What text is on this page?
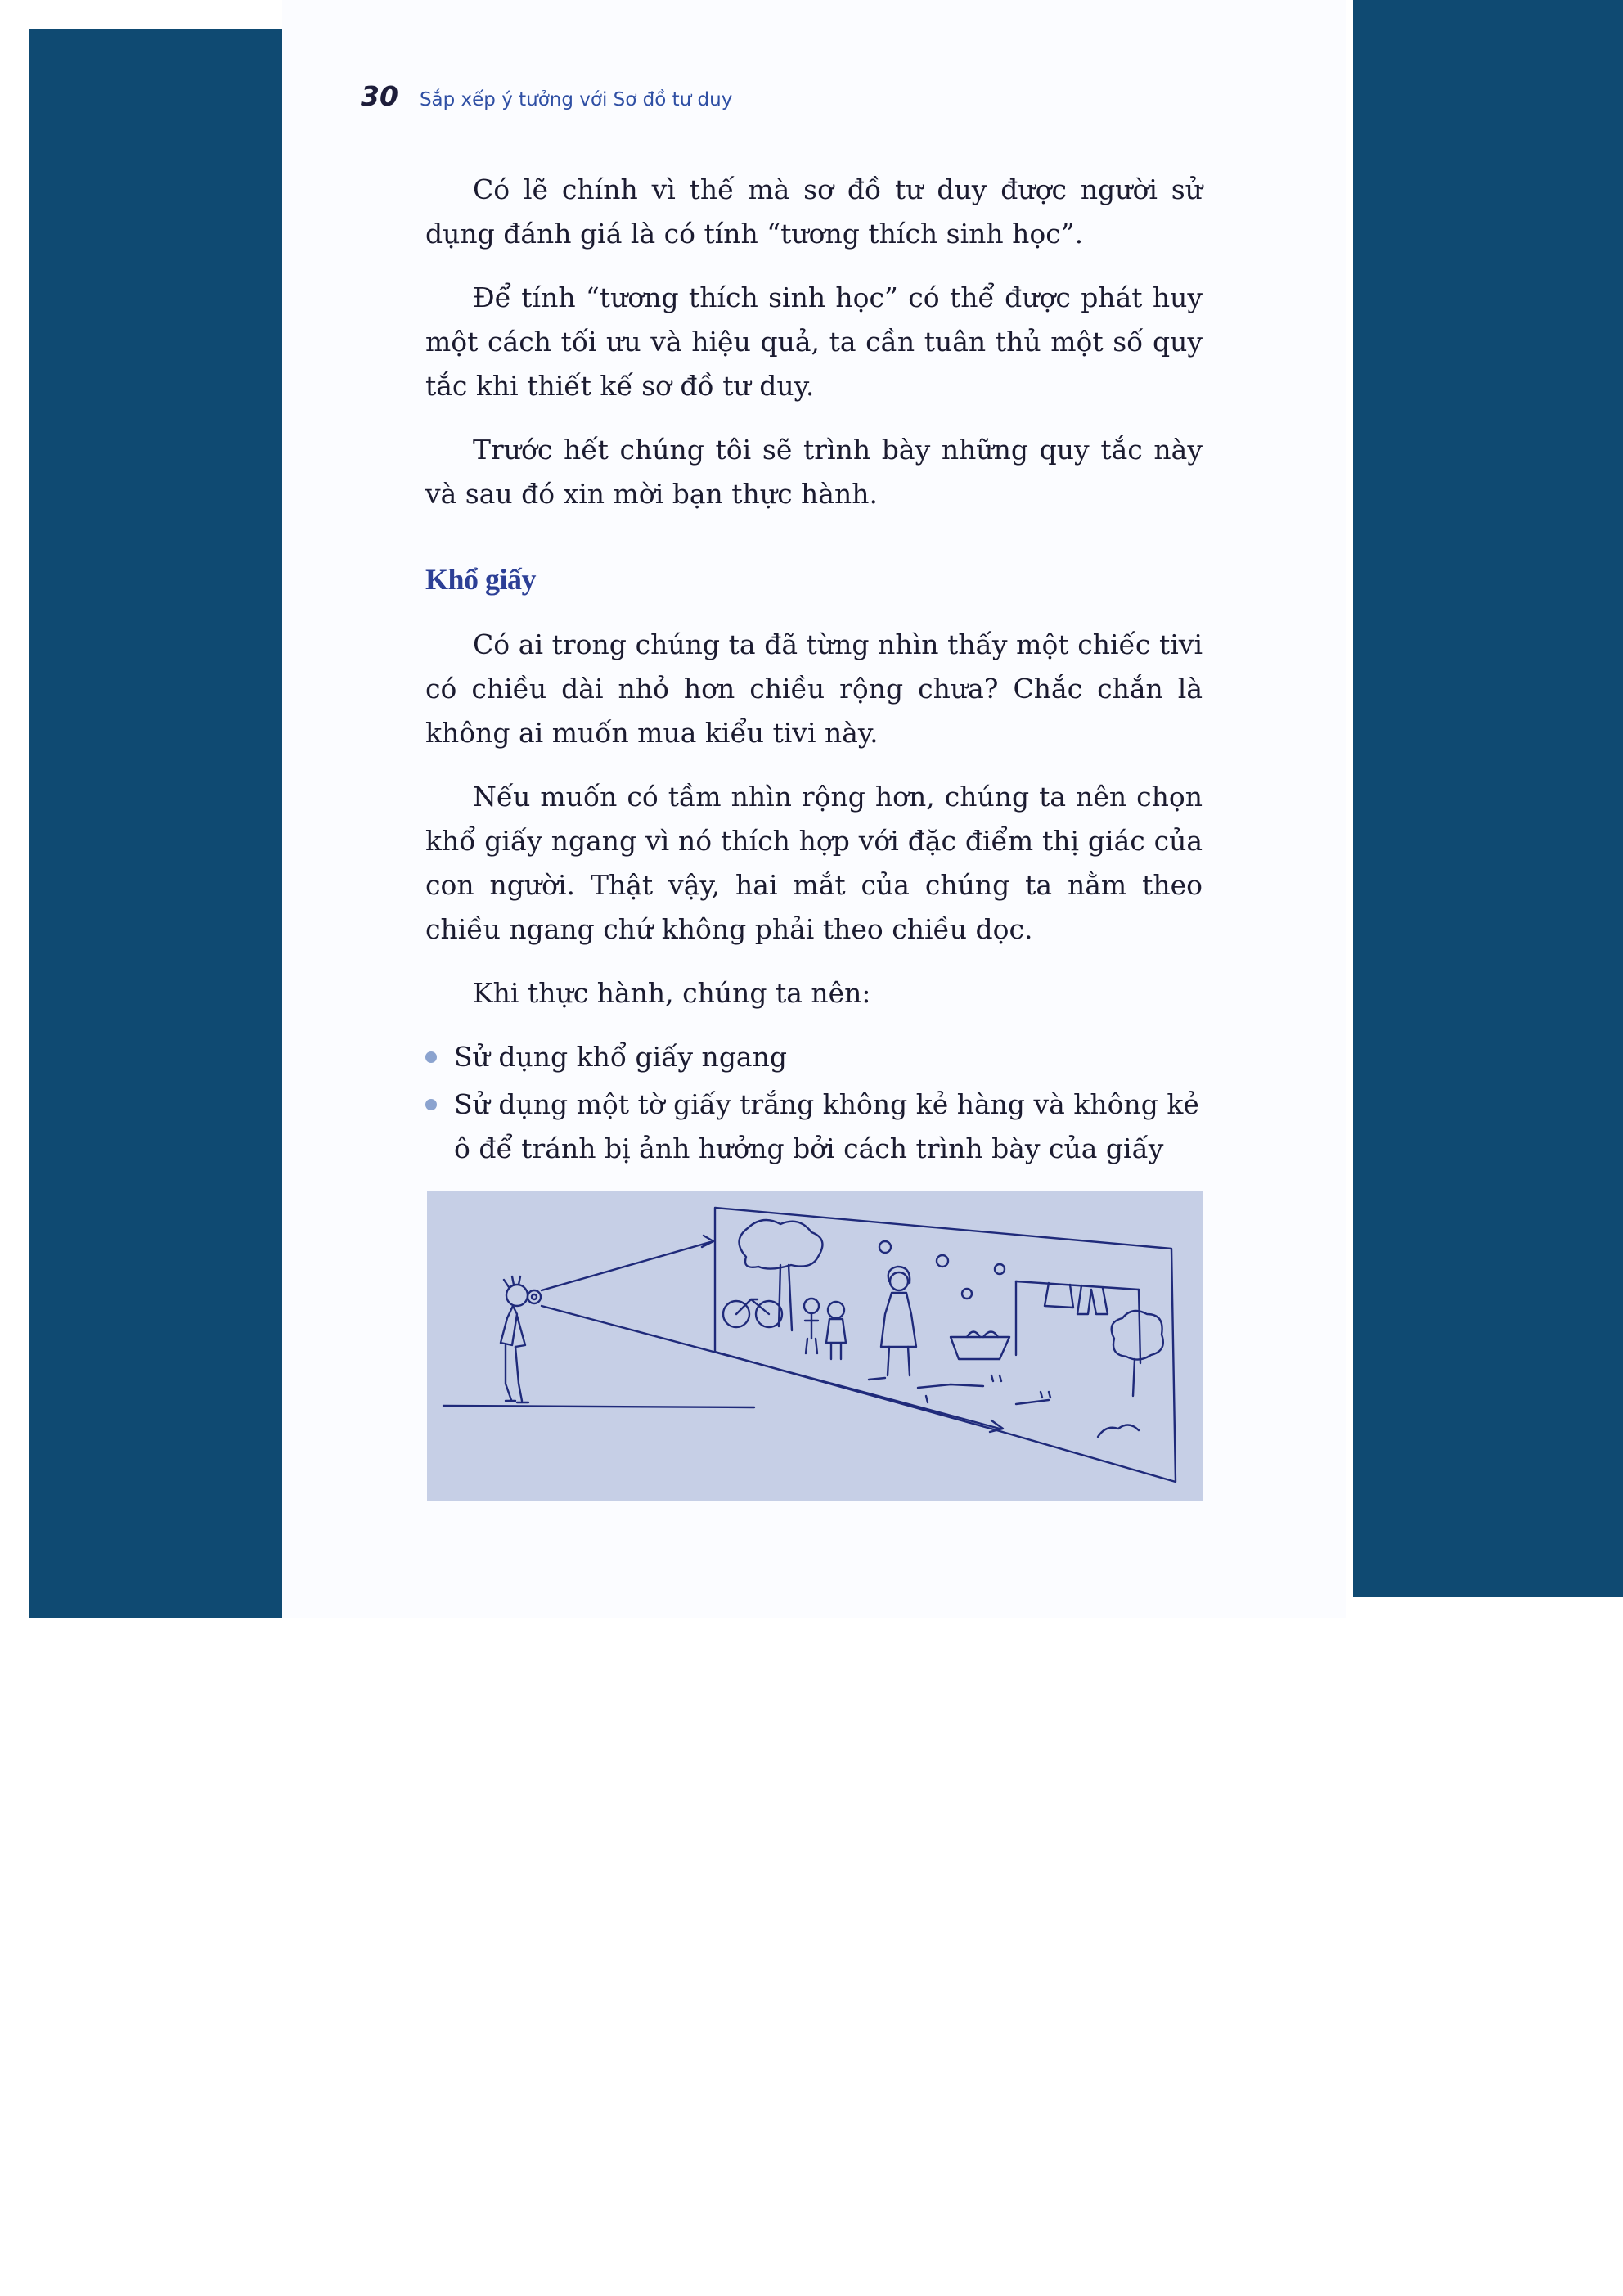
30 Sắp xếp ý tưởng với Sơ đồ tư duy

Có lẽ chính vì thế mà sơ đồ tư duy được người sử dụng đánh giá là có tính “tương thích sinh học”.

Để tính “tương thích sinh học” có thể được phát huy một cách tối ưu và hiệu quả, ta cần tuân thủ một số quy tắc khi thiết kế sơ đồ tư duy.

Trước hết chúng tôi sẽ trình bày những quy tắc này và sau đó xin mời bạn thực hành.

Khổ giấy

Có ai trong chúng ta đã từng nhìn thấy một chiếc tivi có chiều dài nhỏ hơn chiều rộng chưa? Chắc chắn là không ai muốn mua kiểu tivi này.

Nếu muốn có tầm nhìn rộng hơn, chúng ta nên chọn khổ giấy ngang vì nó thích hợp với đặc điểm thị giác của con người. Thật vậy, hai mắt của chúng ta nằm theo chiều ngang chứ không phải theo chiều dọc.

Khi thực hành, chúng ta nên:

Sử dụng khổ giấy ngang
Sử dụng một tờ giấy trắng không kẻ hàng và không kẻ ô để tránh bị ảnh hưởng bởi cách trình bày của giấy
